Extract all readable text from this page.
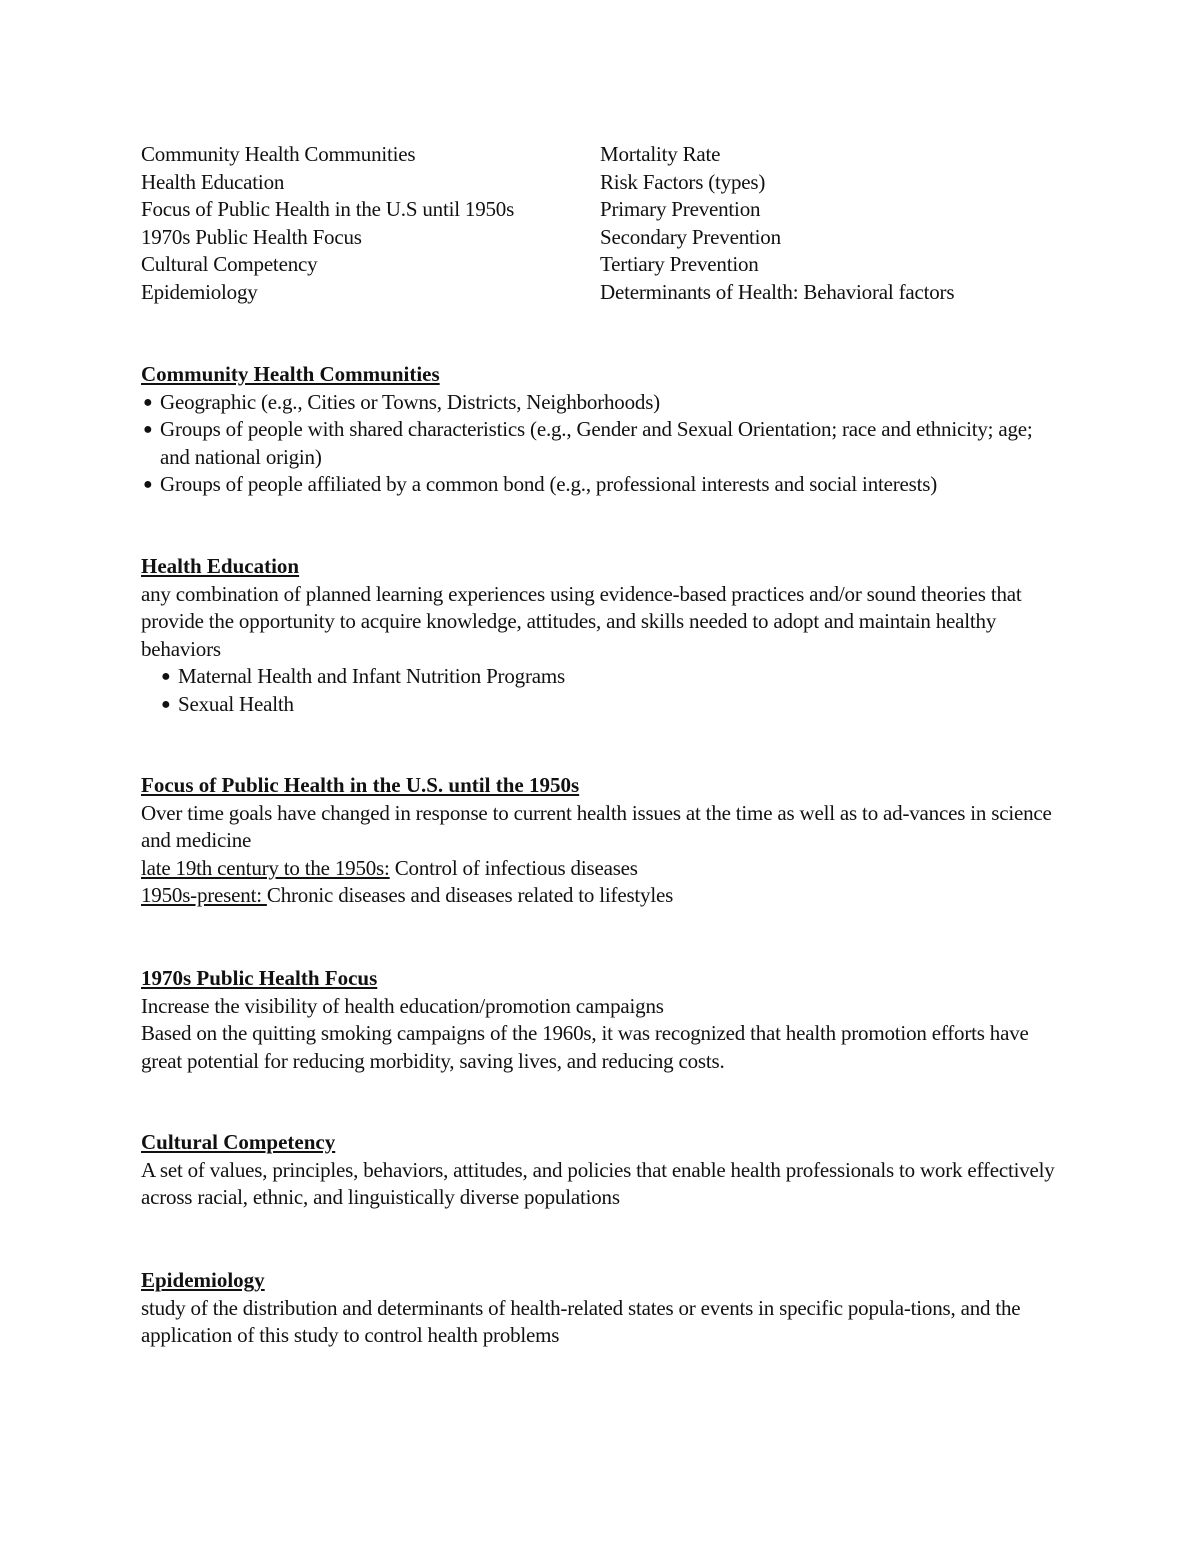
Community Health Communities
Health Education
Focus of Public Health in the U.S until 1950s
1970s Public Health Focus
Cultural Competency
Epidemiology
Mortality Rate
Risk Factors (types)
Primary Prevention
Secondary Prevention
Tertiary Prevention
Determinants of Health: Behavioral factors
Community Health Communities
● Geographic (e.g., Cities or Towns, Districts, Neighborhoods)
● Groups of people with shared characteristics (e.g., Gender and Sexual Orientation; race and ethnicity; age; and national origin)
● Groups of people affiliated by a common bond (e.g., professional interests and social interests)
Health Education

any combination of planned learning experiences using evidence-based practices and/or sound theories that provide the opportunity to acquire knowledge, attitudes, and skills needed to adopt and maintain healthy behaviors

● Maternal Health and Infant Nutrition Programs
● Sexual Health
Focus of Public Health in the U.S. until the 1950s

Over time goals have changed in response to current health issues at the time as well as to ad-vances in science and medicine

late 19th century to the 1950s: Control of infectious diseases

1950s-present: Chronic diseases and diseases related to lifestyles

1970s Public Health Focus

Increase the visibility of health education/promotion campaigns

Based on the quitting smoking campaigns of the 1960s, it was recognized that health promotion efforts have great potential for reducing morbidity, saving lives, and reducing costs.

Cultural Competency

A set of values, principles, behaviors, attitudes, and policies that enable health professionals to work effectively across racial, ethnic, and linguistically diverse populations

Epidemiology

study of the distribution and determinants of health-related states or events in specific popula-tions, and the application of this study to control health problems
